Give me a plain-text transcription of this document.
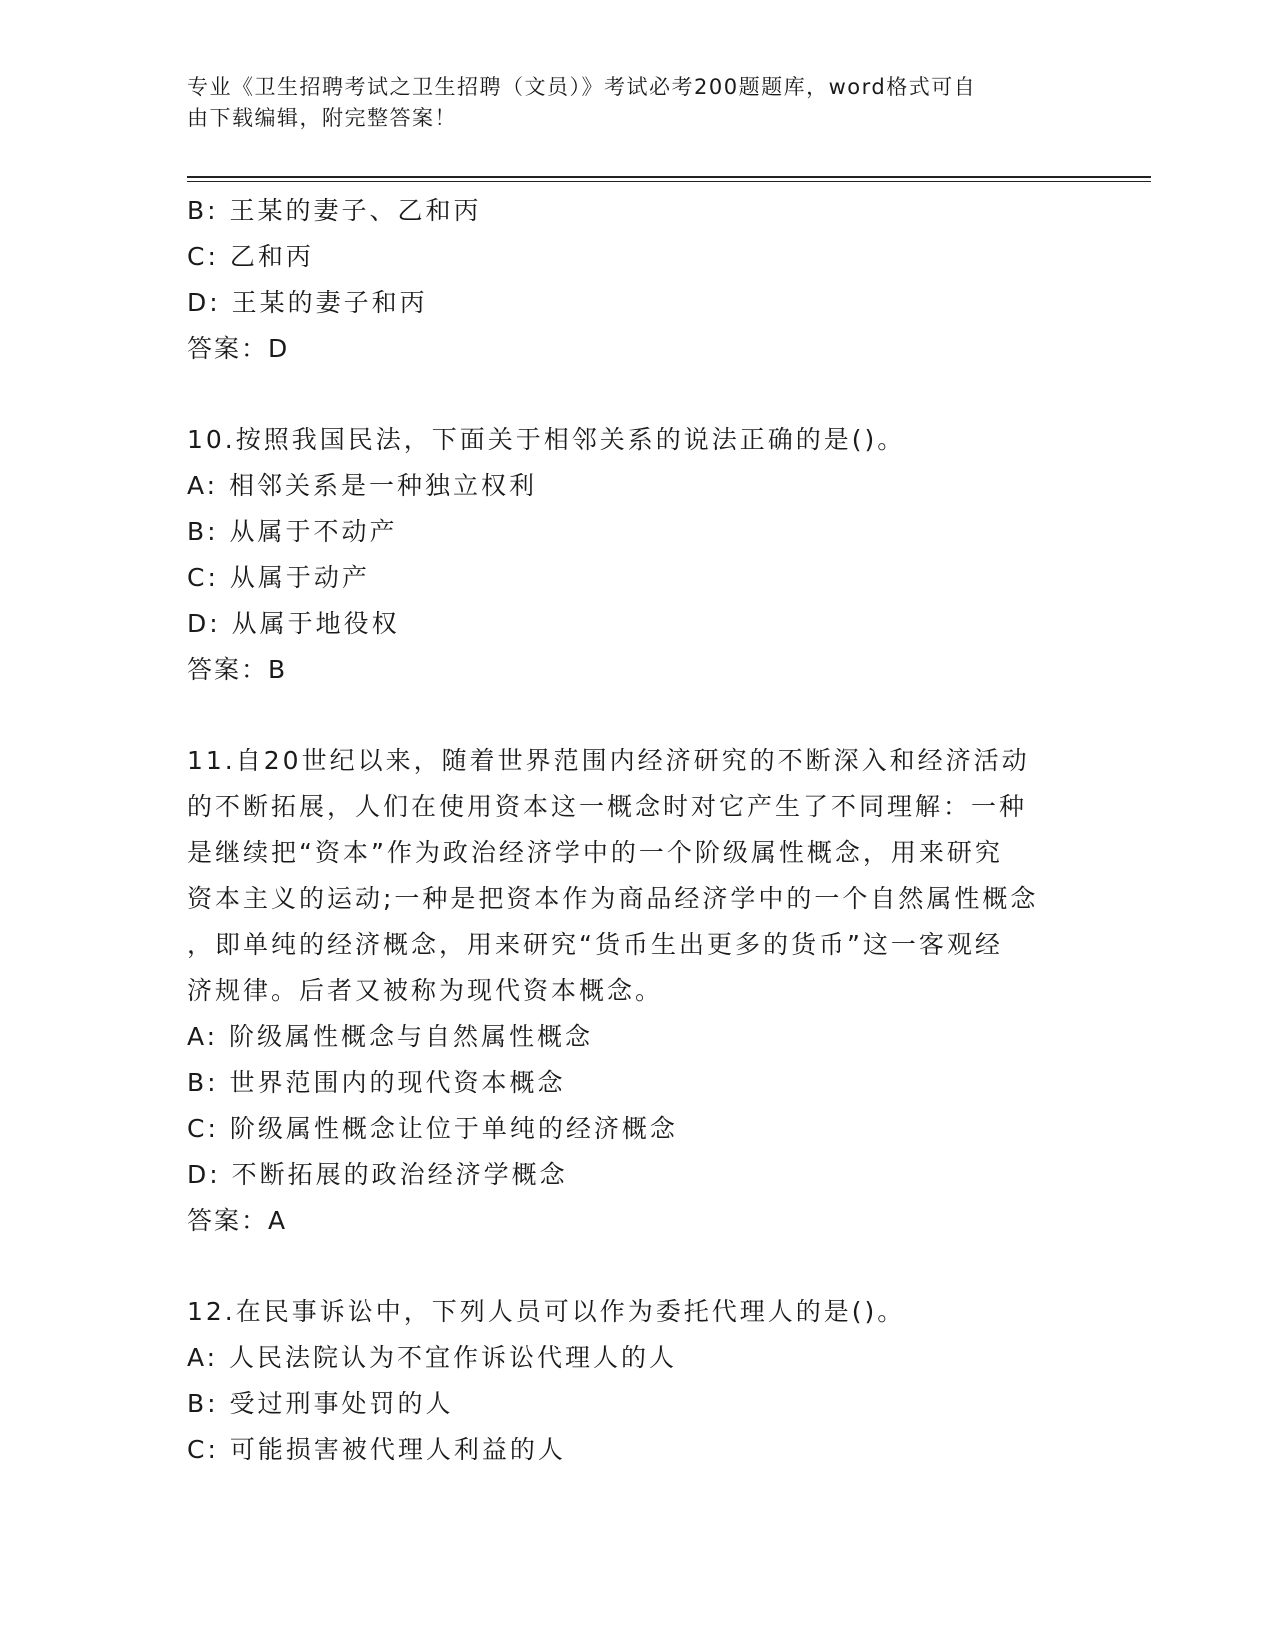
专业《卫生招聘考试之卫生招聘（文员）》考试必考200题题库，word格式可自
由下载编辑，附完整答案！
B: 王某的妻子、乙和丙
C: 乙和丙
D: 王某的妻子和丙
答案：D
10.按照我国民法，下面关于相邻关系的说法正确的是()。
A: 相邻关系是一种独立权利
B: 从属于不动产
C: 从属于动产
D: 从属于地役权
答案：B
11.自20世纪以来，随着世界范围内经济研究的不断深入和经济活动
的不断拓展，人们在使用资本这一概念时对它产生了不同理解：一种
是继续把“资本”作为政治经济学中的一个阶级属性概念，用来研究
资本主义的运动;一种是把资本作为商品经济学中的一个自然属性概念
，即单纯的经济概念，用来研究“货币生出更多的货币”这一客观经
济规律。后者又被称为现代资本概念。
A: 阶级属性概念与自然属性概念
B: 世界范围内的现代资本概念
C: 阶级属性概念让位于单纯的经济概念
D: 不断拓展的政治经济学概念
答案：A
12.在民事诉讼中，下列人员可以作为委托代理人的是()。
A: 人民法院认为不宜作诉讼代理人的人
B: 受过刑事处罚的人
C: 可能损害被代理人利益的人
